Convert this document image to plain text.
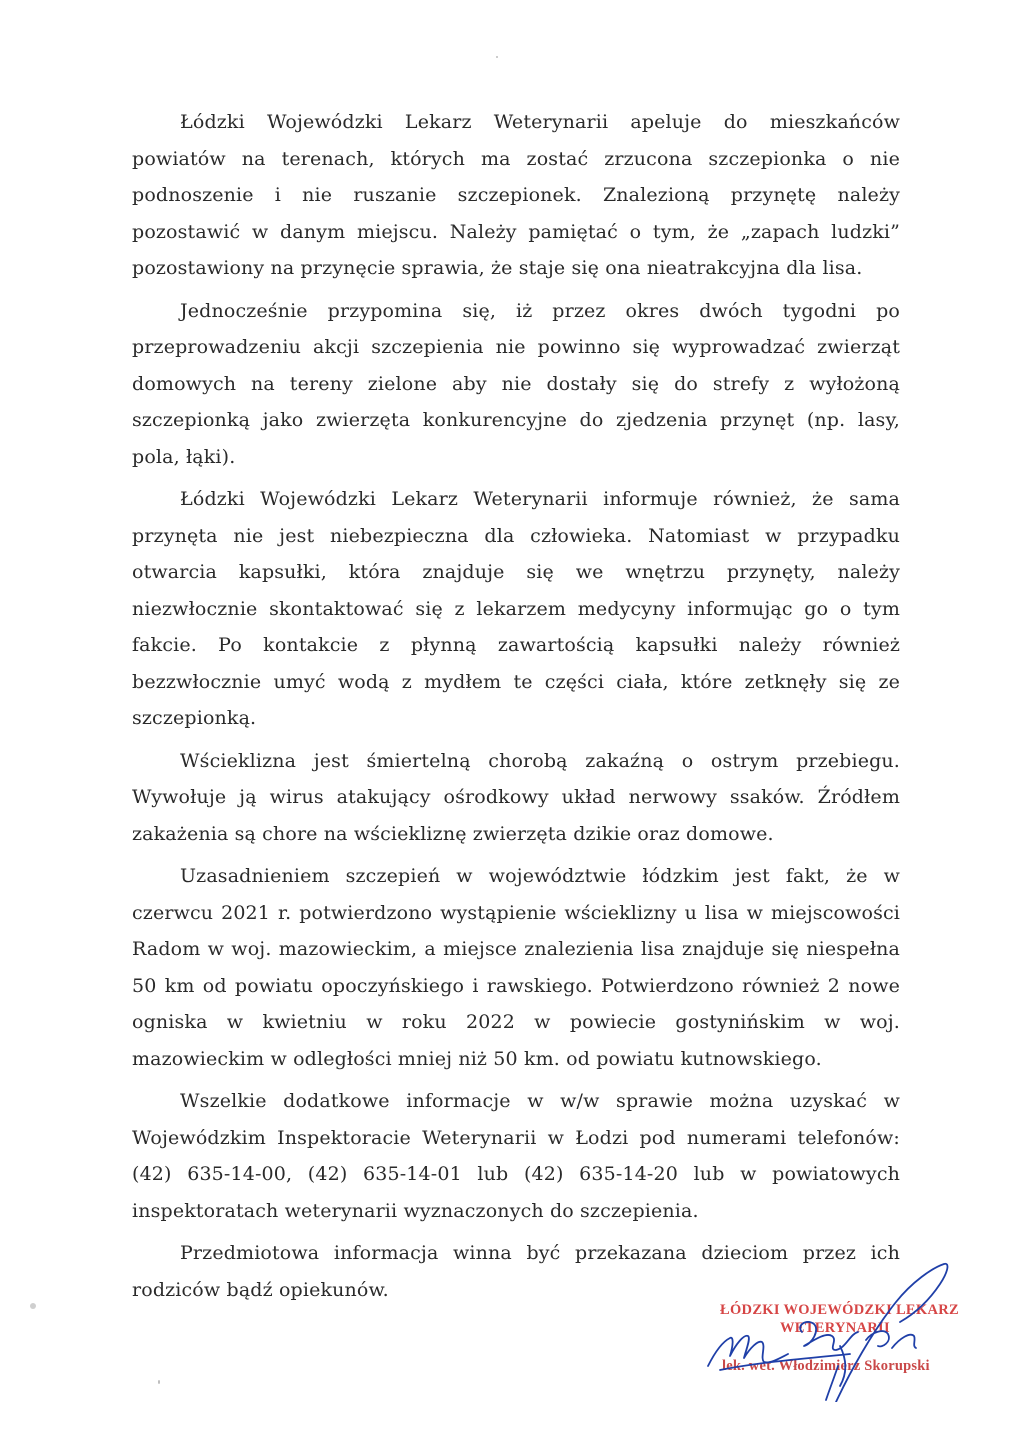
Łódzki Wojewódzki Lekarz Weterynarii apeluje do mieszkańców powiatów na terenach, których ma zostać zrzucona szczepionka o nie podnoszenie i nie ruszanie szczepionek. Znalezioną przynętę należy pozostawić w danym miejscu. Należy pamiętać o tym, że „zapach ludzki” pozostawiony na przynęcie sprawia, że staje się ona nieatrakcyjna dla lisa.

Jednocześnie przypomina się, iż przez okres dwóch tygodni po przeprowadzeniu akcji szczepienia nie powinno się wyprowadzać zwierząt domowych na tereny zielone aby nie dostały się do strefy z wyłożoną szczepionką jako zwierzęta konkurencyjne do zjedzenia przynęt (np. lasy, pola, łąki).

Łódzki Wojewódzki Lekarz Weterynarii informuje również, że sama przynęta nie jest niebezpieczna dla człowieka. Natomiast w przypadku otwarcia kapsułki, która znajduje się we wnętrzu przynęty, należy niezwłocznie skontaktować się z lekarzem medycyny informując go o tym fakcie. Po kontakcie z płynną zawartością kapsułki należy również bezzwłocznie umyć wodą z mydłem te części ciała, które zetknęły się ze szczepionką.

Wścieklizna jest śmiertelną chorobą zakaźną o ostrym przebiegu. Wywołuje ją wirus atakujący ośrodkowy układ nerwowy ssaków. Źródłem zakażenia są chore na wściekliznę zwierzęta dzikie oraz domowe.

Uzasadnieniem szczepień w województwie łódzkim jest fakt, że w czerwcu 2021 r. potwierdzono wystąpienie wścieklizny u lisa w miejscowości Radom w woj. mazowieckim, a miejsce znalezienia lisa znajduje się niespełna 50 km od powiatu opoczyńskiego i rawskiego. Potwierdzono również 2 nowe ogniska w kwietniu w roku 2022 w powiecie gostynińskim w woj. mazowieckim w odległości mniej niż 50 km. od powiatu kutnowskiego.

Wszelkie dodatkowe informacje w w/w sprawie można uzyskać w Wojewódzkim Inspektoracie Weterynarii w Łodzi pod numerami telefonów: (42) 635-14-00, (42) 635-14-01 lub (42) 635-14-20 lub w powiatowych inspektoratach weterynarii wyznaczonych do szczepienia.

Przedmiotowa informacja winna być przekazana dzieciom przez ich rodziców bądź opiekunów.

ŁÓDZKI WOJEWÓDZKI LEKARZ
WETERYNARII
lek. wet. Włodzimierz Skorupski
